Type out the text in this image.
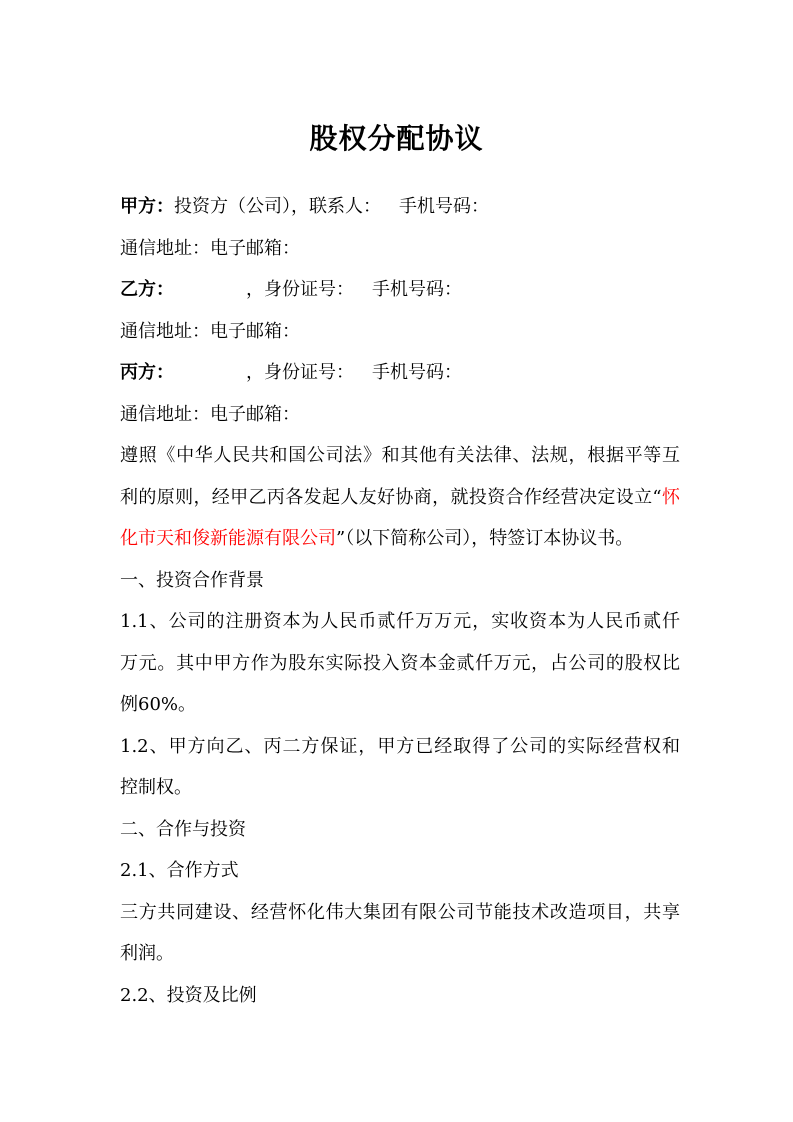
股权分配协议
甲方：投资方（公司），联系人： 手机号码：
通信地址：电子邮箱：
乙方：	，身份证号： 手机号码：
通信地址：电子邮箱：
丙方：	，身份证号： 手机号码：
通信地址：电子邮箱：
遵照《中华人民共和国公司法》和其他有关法律、法规，根据平等互
利的原则，经甲乙丙各发起人友好协商，就投资合作经营决定设立“怀
化市天和俊新能源有限公司”（以下简称公司），特签订本协议书。
一、投资合作背景
1.1、公司的注册资本为人民币贰仟万万元，实收资本为人民币贰仟
万元。其中甲方作为股东实际投入资本金贰仟万元，占公司的股权比
例60%。
1.2、甲方向乙、丙二方保证，甲方已经取得了公司的实际经营权和
控制权。
二、合作与投资
2.1、合作方式
三方共同建设、经营怀化伟大集团有限公司节能技术改造项目，共享
利润。
2.2、投资及比例
